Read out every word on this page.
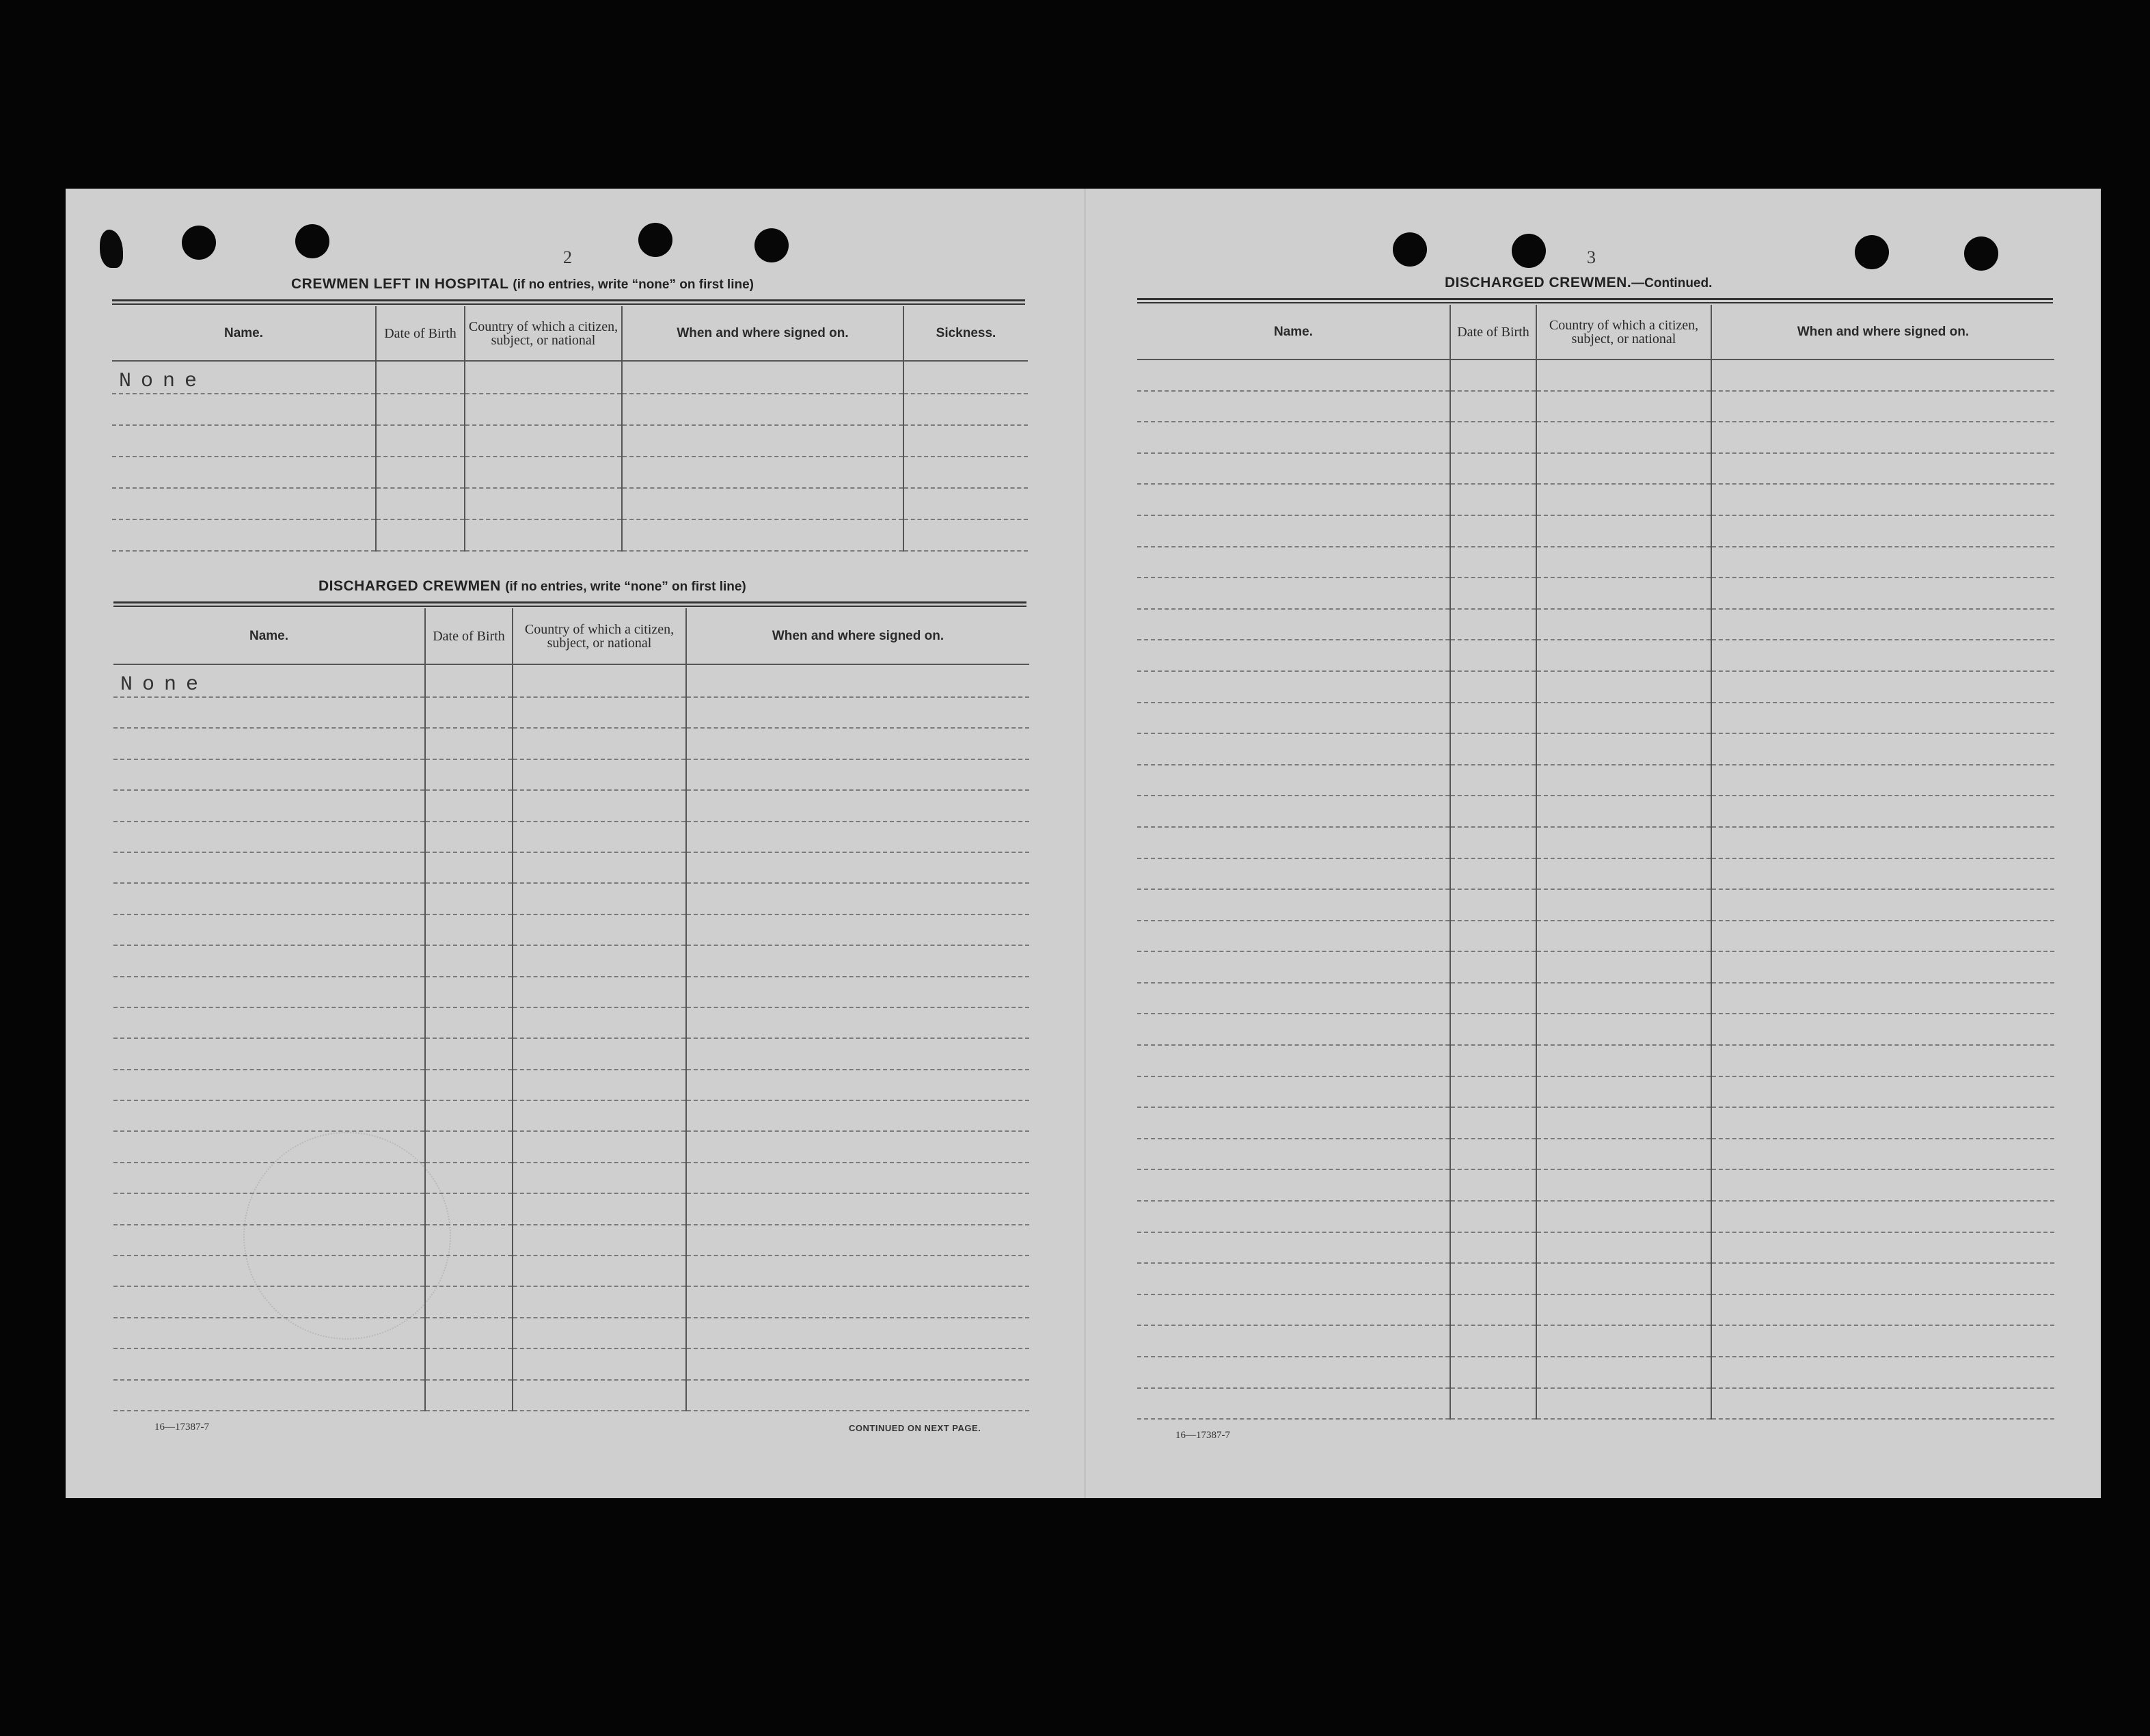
2
CREWMEN LEFT IN HOSPITAL (if no entries, write “none” on first line)
Name.	Date of Birth	Country of which a citizen, subject, or national	When and where signed on.	Sickness.
None				

DISCHARGED CREWMEN (if no entries, write “none” on first line)
Name.	Date of Birth	Country of which a citizen, subject, or national	When and where signed on.
None			

16—17387-7	CONTINUED ON NEXT PAGE.
3
DISCHARGED CREWMEN.—Continued.
Name.	Date of Birth	Country of which a citizen, subject, or national	When and where signed on.

16—17387-7
